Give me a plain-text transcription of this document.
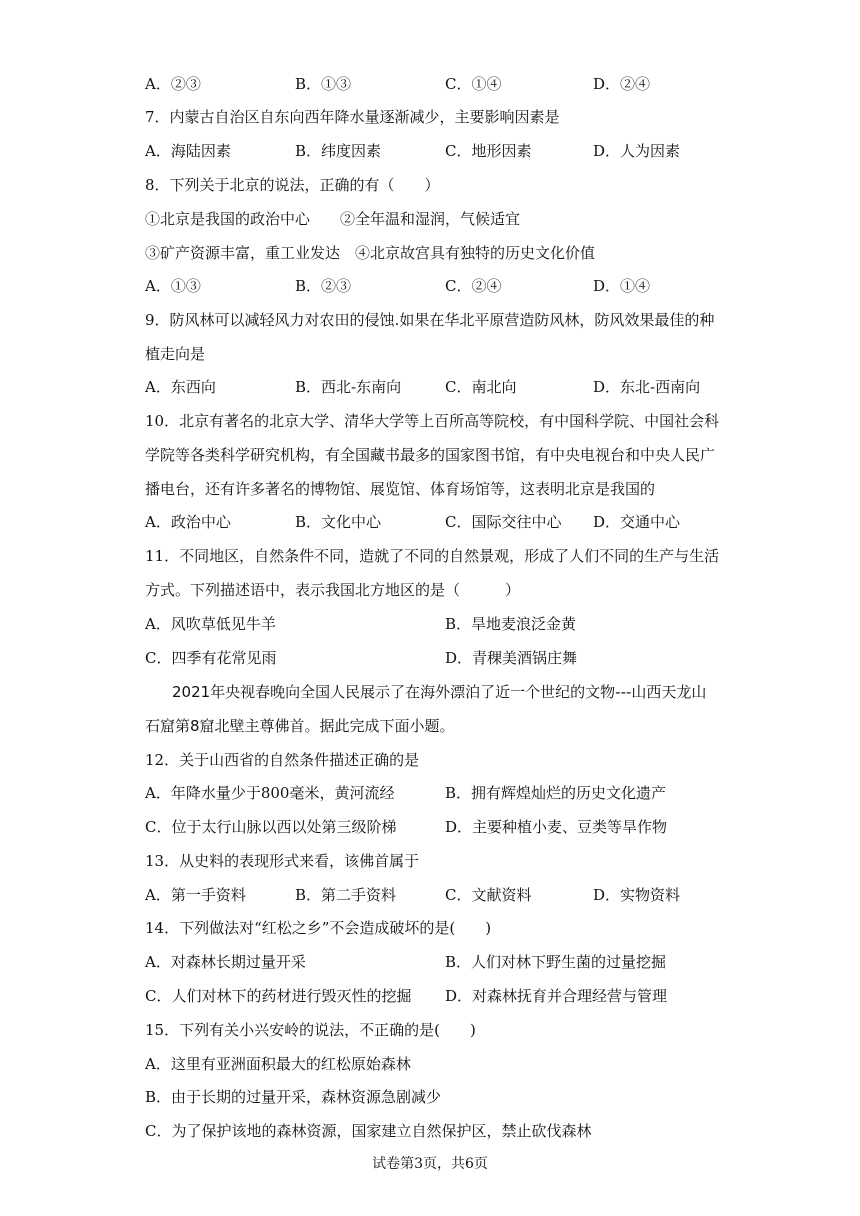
A．②③	B．①③	C．①④	D．②④
7．内蒙古自治区自东向西年降水量逐渐减少，主要影响因素是
A．海陆因素	B．纬度因素	C．地形因素	D．人为因素
8．下列关于北京的说法，正确的有（　　）
①北京是我国的政治中心　　②全年温和湿润，气候适宜
③矿产资源丰富，重工业发达　④北京故宫具有独特的历史文化价值
A．①③	B．②③	C．②④	D．①④
9．防风林可以减轻风力对农田的侵蚀.如果在华北平原营造防风林，防风效果最佳的种
植走向是
A．东西向	B．西北-东南向	C．南北向	D．东北-西南向
10．北京有著名的北京大学、清华大学等上百所高等院校，有中国科学院、中国社会科
学院等各类科学研究机构，有全国藏书最多的国家图书馆，有中央电视台和中央人民广
播电台，还有许多著名的博物馆、展览馆、体育场馆等，这表明北京是我国的
A．政治中心	B．文化中心	C．国际交往中心 D．交通中心
11．不同地区，自然条件不同，造就了不同的自然景观，形成了人们不同的生产与生活
方式。下列描述语中，表示我国北方地区的是（　　　）
A．风吹草低见牛羊	B．旱地麦浪泛金黄
C．四季有花常见雨	D．青稞美酒锅庄舞
2021年央视春晚向全国人民展示了在海外漂泊了近一个世纪的文物---山西天龙山
石窟第8窟北壁主尊佛首。据此完成下面小题。
12．关于山西省的自然条件描述正确的是
A．年降水量少于800毫米，黄河流经	B．拥有辉煌灿烂的历史文化遗产
C．位于太行山脉以西以处第三级阶梯	D．主要种植小麦、豆类等旱作物
13．从史料的表现形式来看，该佛首属于
A．第一手资料	B．第二手资料	C．文献资料	D．实物资料
14．下列做法对“红松之乡”不会造成破坏的是(　　)
A．对森林长期过量开采	B．人们对林下野生菌的过量挖掘
C．人们对林下的药材进行毁灭性的挖掘 D．对森林抚育并合理经营与管理
15．下列有关小兴安岭的说法，不正确的是(　　)
A．这里有亚洲面积最大的红松原始森林
B．由于长期的过量开采，森林资源急剧减少
C．为了保护该地的森林资源，国家建立自然保护区，禁止砍伐森林
试卷第3页，共6页
